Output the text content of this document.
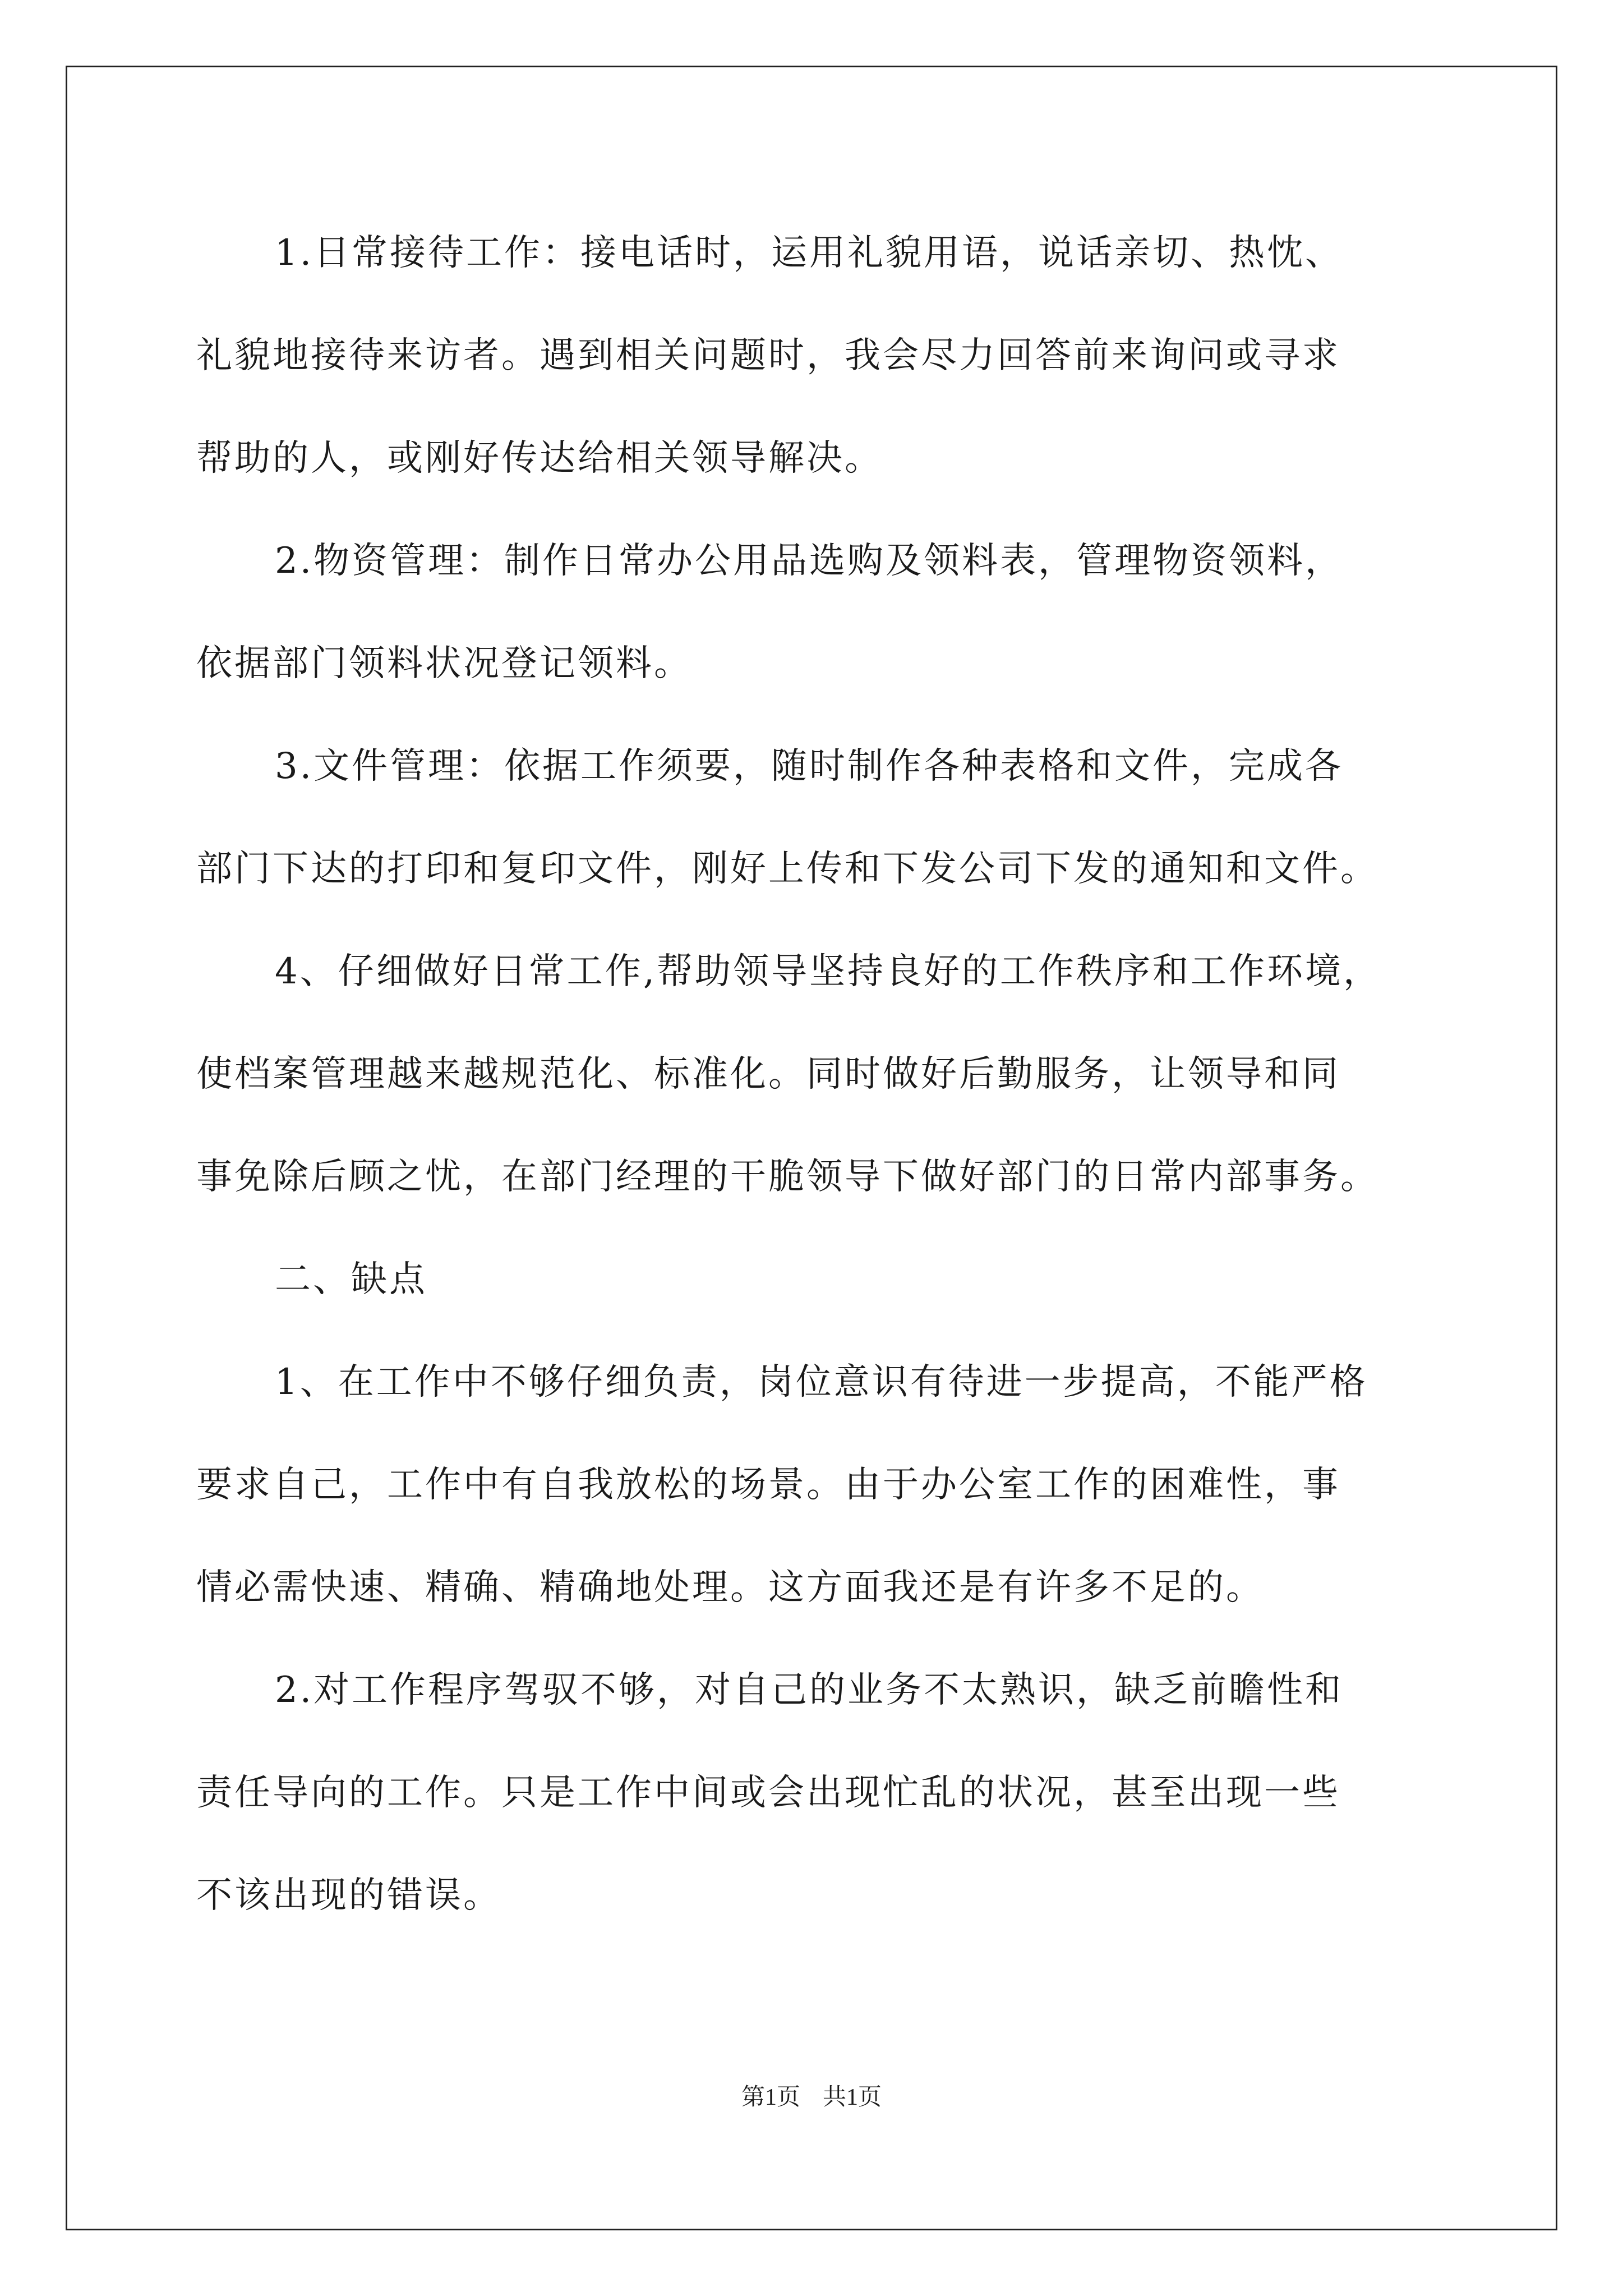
1.日常接待工作：接电话时，运用礼貌用语，说话亲切、热忱、
礼貌地接待来访者。遇到相关问题时，我会尽力回答前来询问或寻求
帮助的人，或刚好传达给相关领导解决。
2.物资管理：制作日常办公用品选购及领料表，管理物资领料，
依据部门领料状况登记领料。
3.文件管理：依据工作须要，随时制作各种表格和文件，完成各
部门下达的打印和复印文件，刚好上传和下发公司下发的通知和文件。
4、仔细做好日常工作,帮助领导坚持良好的工作秩序和工作环境，
使档案管理越来越规范化、标准化。同时做好后勤服务，让领导和同
事免除后顾之忧，在部门经理的干脆领导下做好部门的日常内部事务。
二、缺点
1、在工作中不够仔细负责，岗位意识有待进一步提高，不能严格
要求自己，工作中有自我放松的场景。由于办公室工作的困难性，事
情必需快速、精确、精确地处理。这方面我还是有许多不足的。
2.对工作程序驾驭不够，对自己的业务不太熟识，缺乏前瞻性和
责任导向的工作。只是工作中间或会出现忙乱的状况，甚至出现一些
不该出现的错误。
第1页 共1页
